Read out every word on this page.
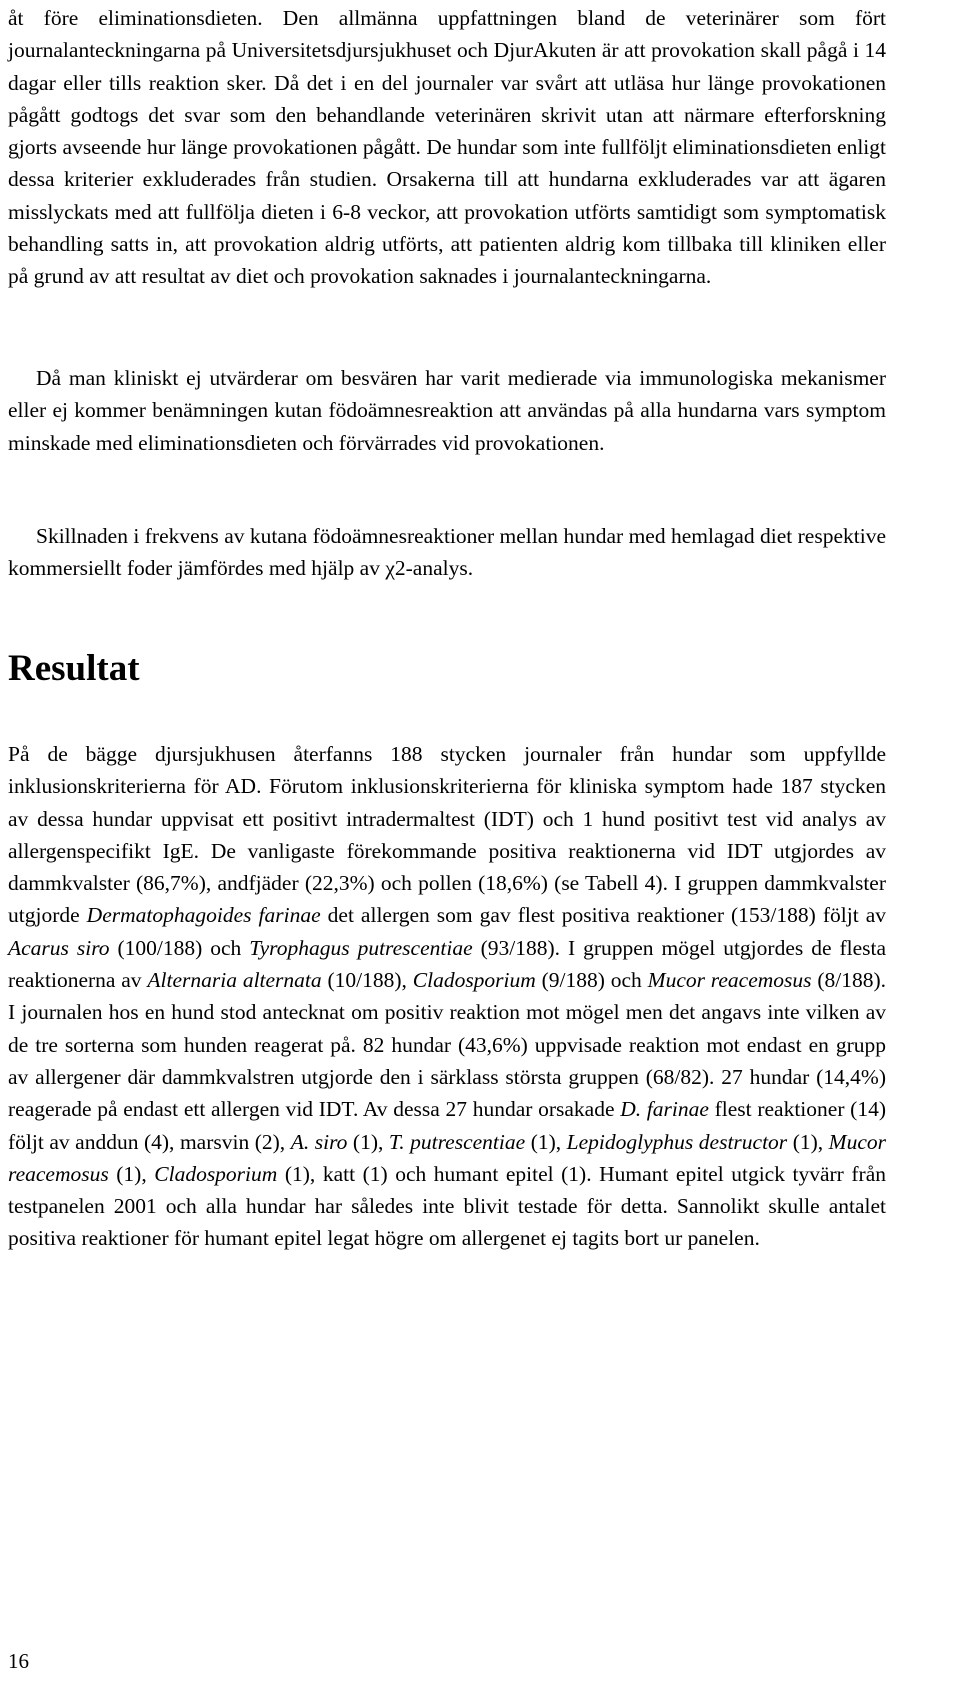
åt före eliminationsdieten. Den allmänna uppfattningen bland de veterinärer som fört journalanteckningarna på Universitetsdjursjukhuset och DjurAkuten är att provokation skall pågå i 14 dagar eller tills reaktion sker. Då det i en del journaler var svårt att utläsa hur länge provokationen pågått godtogs det svar som den behandlande veterinären skrivit utan att närmare efterforskning gjorts avseende hur länge provokationen pågått. De hundar som inte fullföljt eliminationsdieten enligt dessa kriterier exkluderades från studien. Orsakerna till att hundarna exkluderades var att ägaren misslyckats med att fullfölja dieten i 6-8 veckor, att provokation utförts samtidigt som symptomatisk behandling satts in, att provokation aldrig utförts, att patienten aldrig kom tillbaka till kliniken eller på grund av att resultat av diet och provokation saknades i journalanteckningarna.

Då man kliniskt ej utvärderar om besvären har varit medierade via immunologiska mekanismer eller ej kommer benämningen kutan födoämnesreaktion att användas på alla hundarna vars symptom minskade med eliminationsdieten och förvärrades vid provokationen.

Skillnaden i frekvens av kutana födoämnesreaktioner mellan hundar med hemlagad diet respektive kommersiellt foder jämfördes med hjälp av χ2-analys.

Resultat

På de bägge djursjukhusen återfanns 188 stycken journaler från hundar som uppfyllde inklusionskriterierna för AD. Förutom inklusionskriterierna för kliniska symptom hade 187 stycken av dessa hundar uppvisat ett positivt intradermaltest (IDT) och 1 hund positivt test vid analys av allergenspecifikt IgE. De vanligaste förekommande positiva reaktionerna vid IDT utgjordes av dammkvalster (86,7%), andfjäder (22,3%) och pollen (18,6%) (se Tabell 4). I gruppen dammkvalster utgjorde Dermatophagoides farinae det allergen som gav flest positiva reaktioner (153/188) följt av Acarus siro (100/188) och Tyrophagus putrescentiae (93/188). I gruppen mögel utgjordes de flesta reaktionerna av Alternaria alternata (10/188), Cladosporium (9/188) och Mucor reacemosus (8/188). I journalen hos en hund stod antecknat om positiv reaktion mot mögel men det angavs inte vilken av de tre sorterna som hunden reagerat på. 82 hundar (43,6%) uppvisade reaktion mot endast en grupp av allergener där dammkvalstren utgjorde den i särklass största gruppen (68/82). 27 hundar (14,4%) reagerade på endast ett allergen vid IDT. Av dessa 27 hundar orsakade D. farinae flest reaktioner (14) följt av anddun (4), marsvin (2), A. siro (1), T. putrescentiae (1), Lepidoglyphus destructor (1), Mucor reacemosus (1), Cladosporium (1), katt (1) och humant epitel (1). Humant epitel utgick tyvärr från testpanelen 2001 och alla hundar har således inte blivit testade för detta. Sannolikt skulle antalet positiva reaktioner för humant epitel legat högre om allergenet ej tagits bort ur panelen.

16
